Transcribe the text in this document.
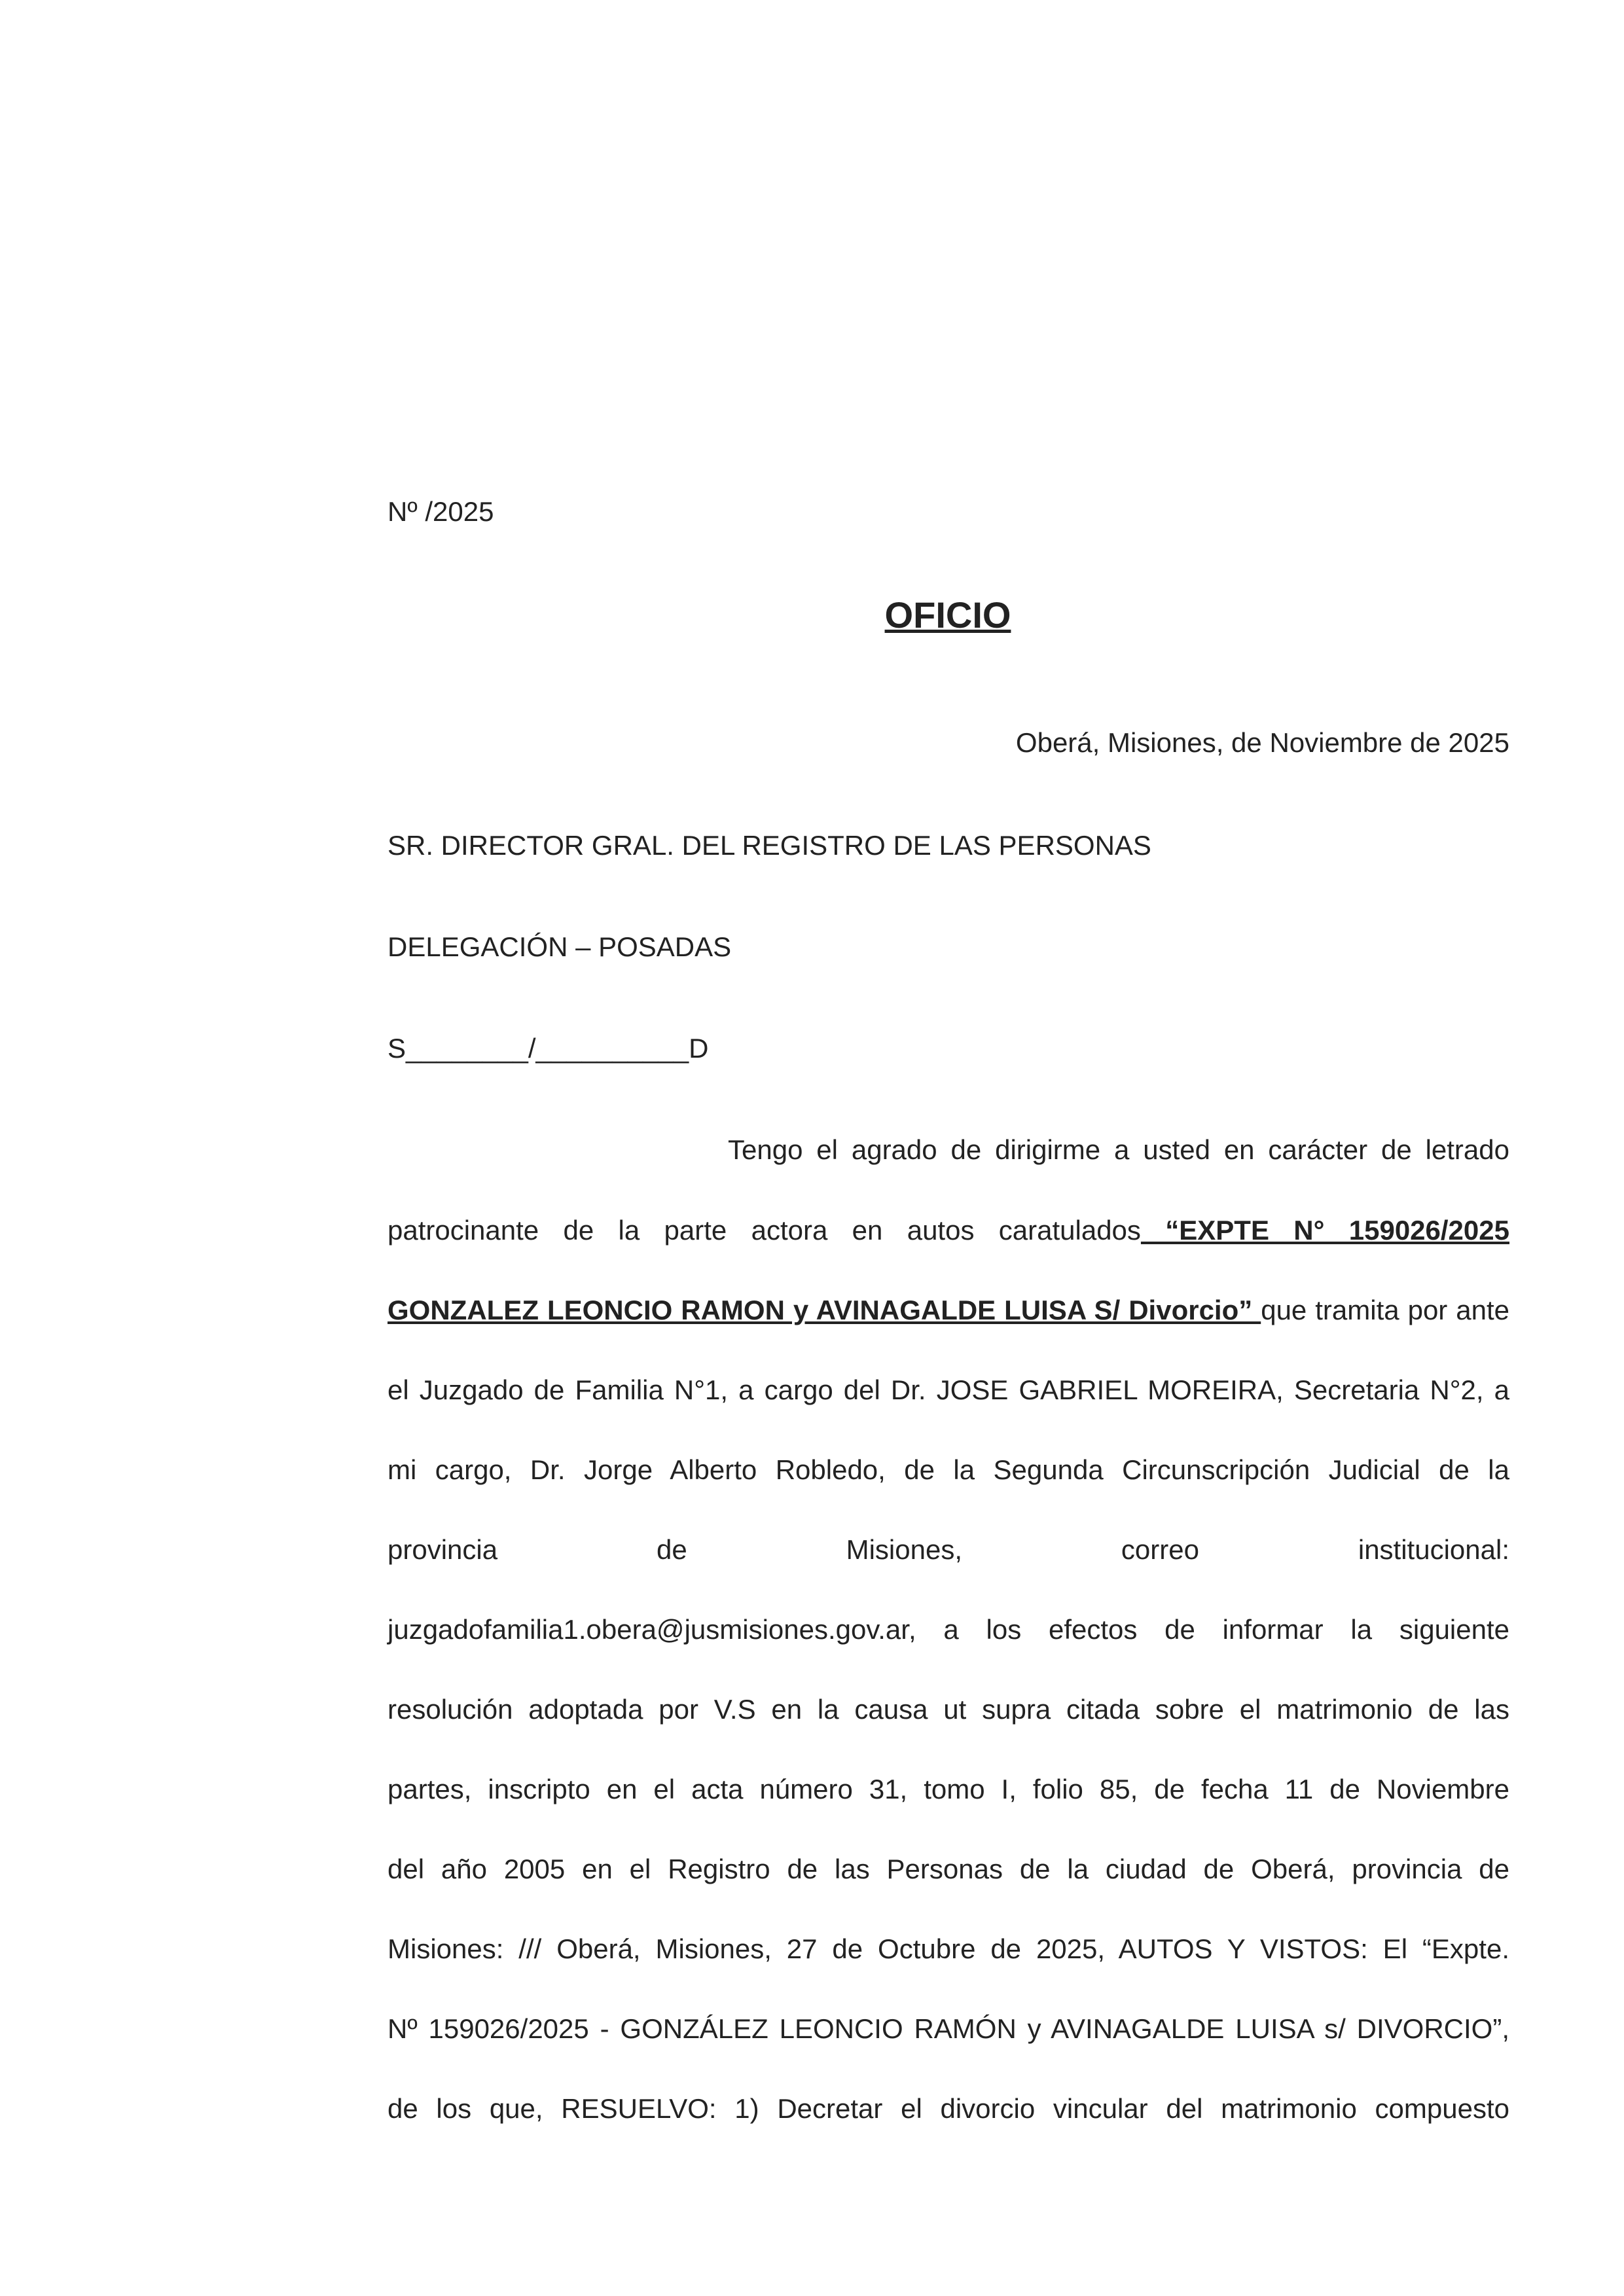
Nº /2025
OFICIO
Oberá, Misiones, de Noviembre de 2025
SR. DIRECTOR GRAL. DEL REGISTRO DE LAS PERSONAS
DELEGACIÓN – POSADAS
S________/__________D
Tengo el agrado de dirigirme a usted en carácter de letrado
patrocinante de la parte actora en autos caratulados “EXPTE N° 159026/2025
GONZALEZ LEONCIO RAMON y AVINAGALDE LUISA S/ Divorcio” que tramita por ante
el Juzgado de Familia N°1, a cargo del Dr. JOSE GABRIEL MOREIRA, Secretaria N°2, a
mi cargo, Dr. Jorge Alberto Robledo, de la Segunda Circunscripción Judicial de la
provincia de Misiones, correo institucional:
juzgadofamilia1.obera@jusmisiones.gov.ar, a los efectos de informar la siguiente
resolución adoptada por V.S en la causa ut supra citada sobre el matrimonio de las
partes, inscripto en el acta número 31, tomo I, folio 85, de fecha 11 de Noviembre
del año 2005 en el Registro de las Personas de la ciudad de Oberá, provincia de
Misiones: /// Oberá, Misiones, 27 de Octubre de 2025, AUTOS Y VISTOS: El “Expte.
Nº 159026/2025 - GONZÁLEZ LEONCIO RAMÓN y AVINAGALDE LUISA s/ DIVORCIO”,
de los que, RESUELVO: 1) Decretar el divorcio vincular del matrimonio compuesto
